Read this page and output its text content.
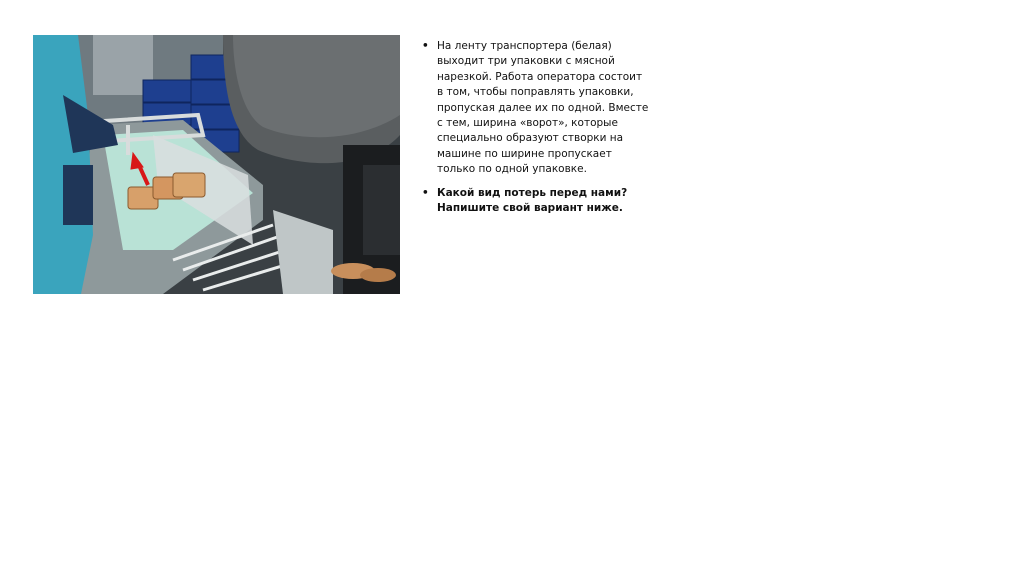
• На ленту транспортера (белая) выходит три упаковки с мясной нарезкой. Работа оператора состоит в том, чтобы поправлять упаковки, пропуская далее их по одной. Вместе с тем, ширина «ворот», которые специально образуют створки на машине по ширине пропускает только по одной упаковке.

• Какой вид потерь перед нами? Напишите свой вариант ниже.
